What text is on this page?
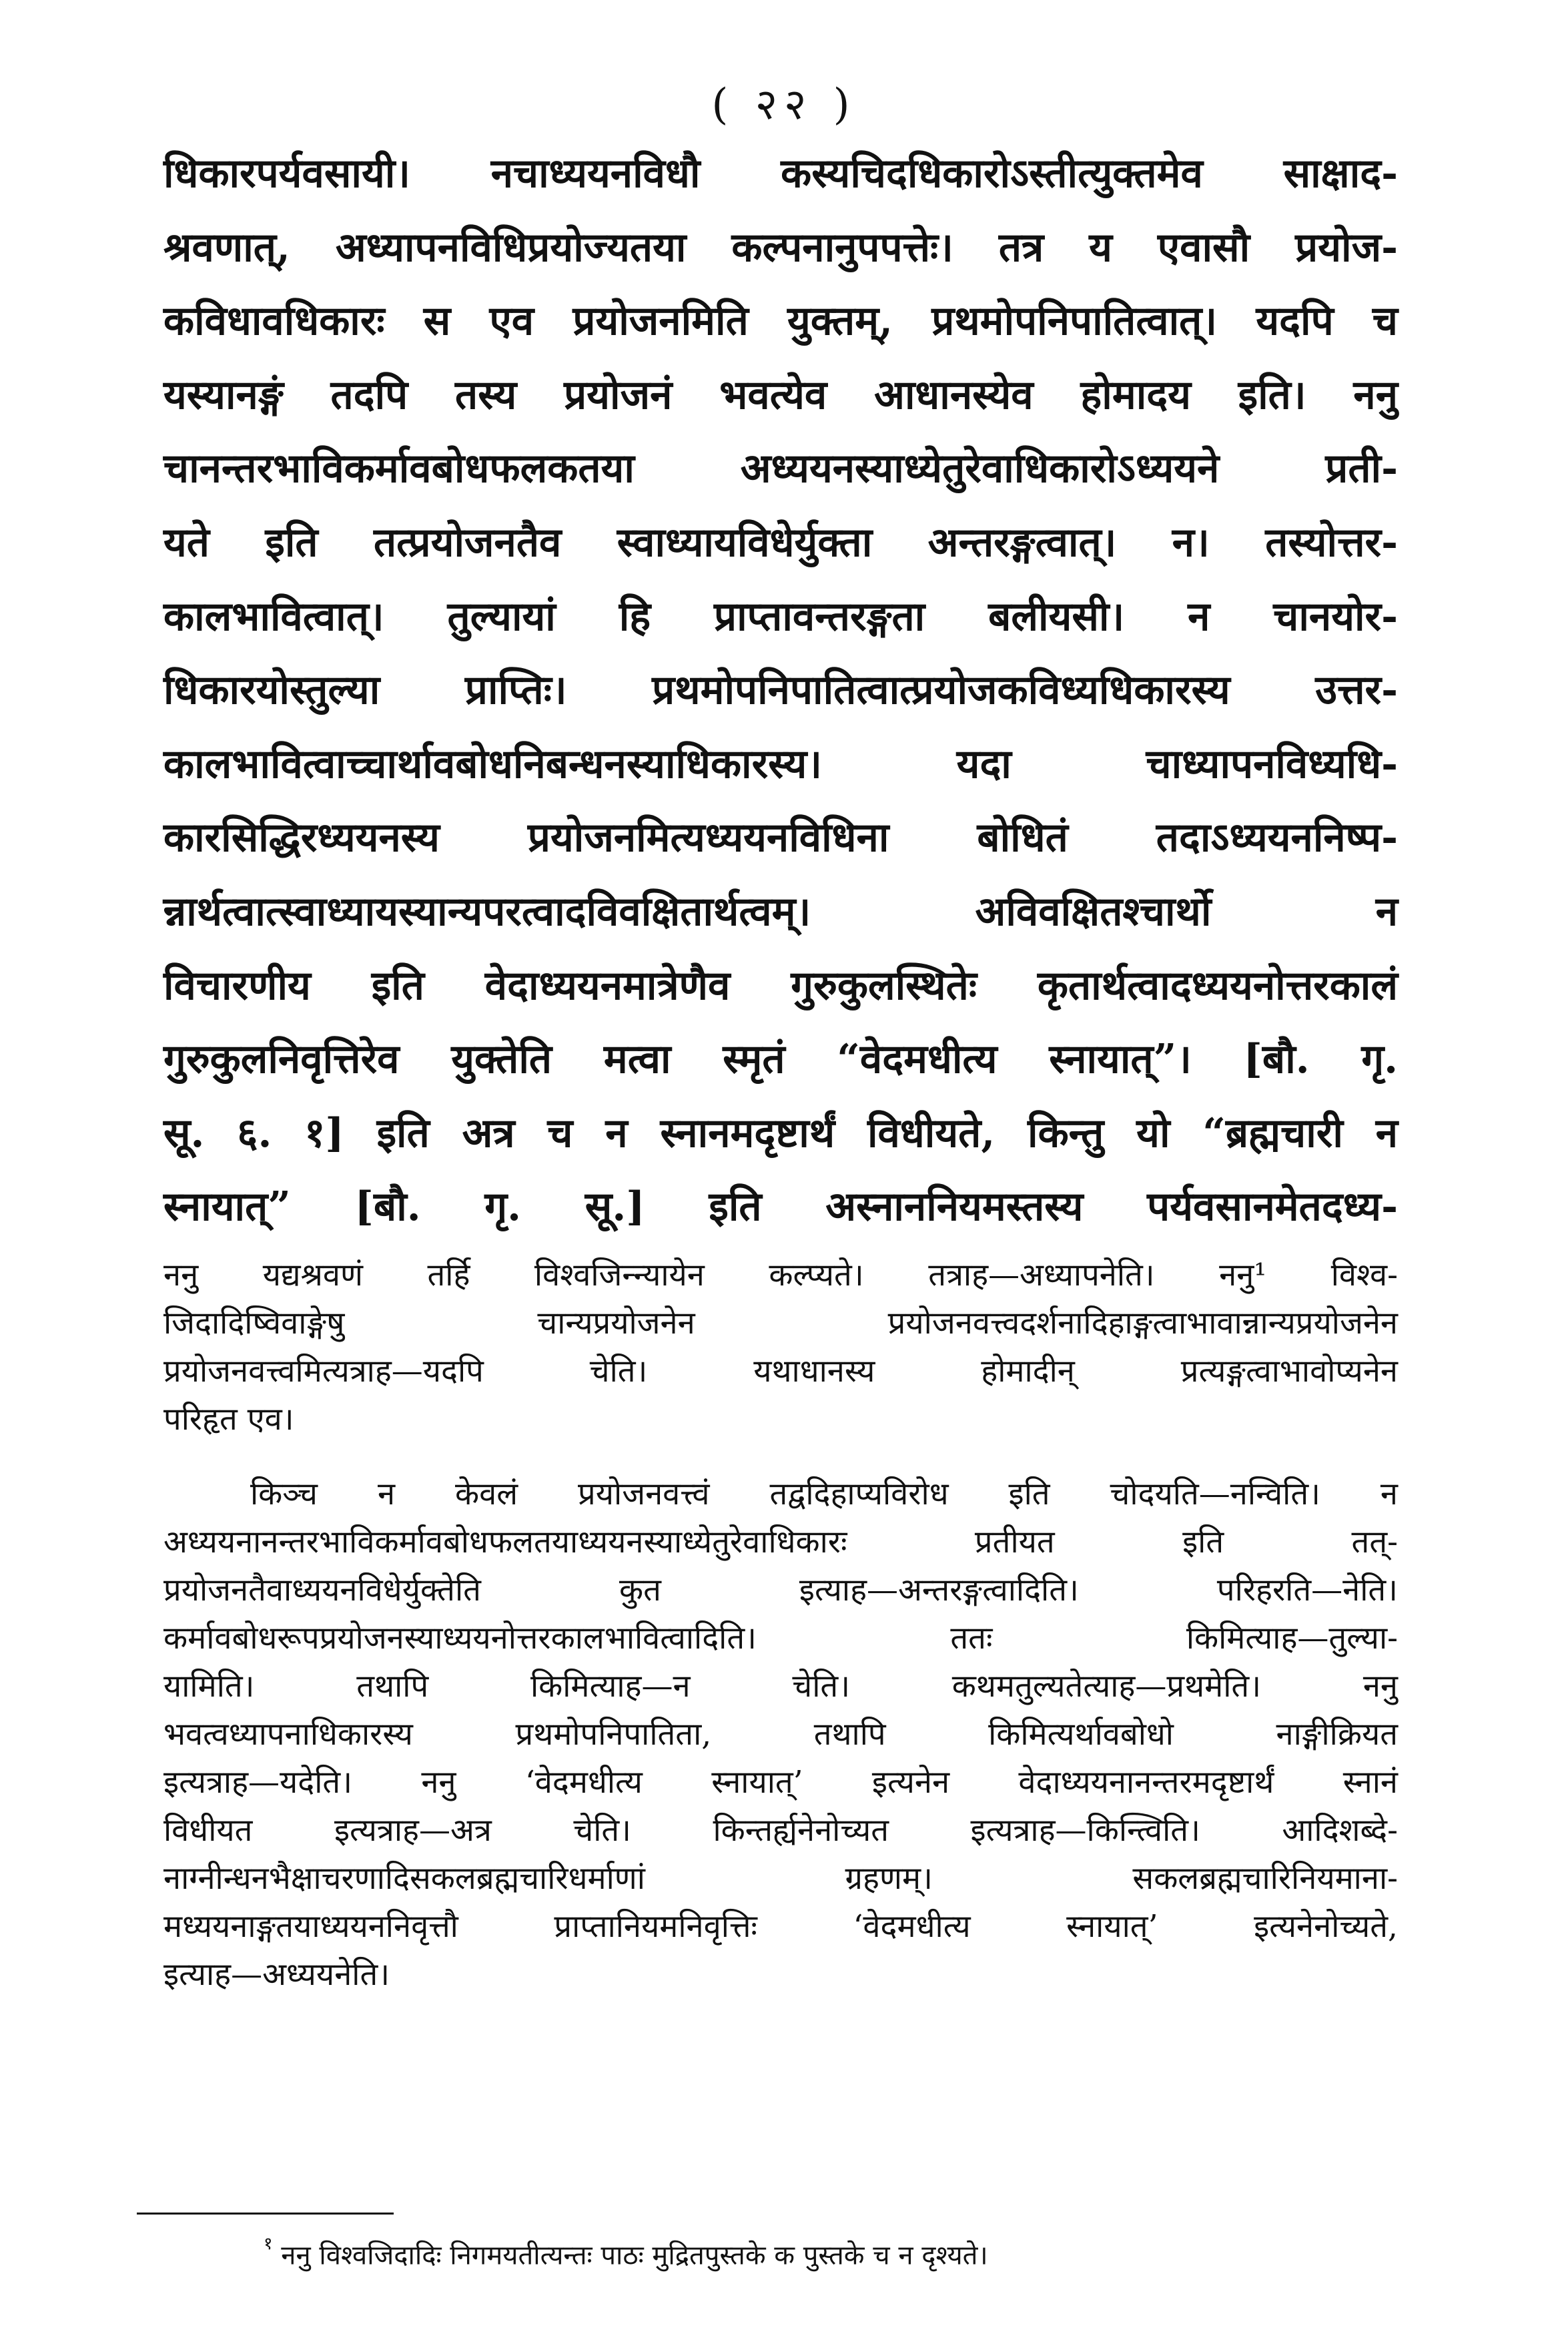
( २२ )

धिकारपर्यवसायी। नचाध्ययनविधौ कस्यचिदधिकारोऽस्तीत्युक्तमेव साक्षाद-

श्रवणात्, अध्यापनविधिप्रयोज्यतया कल्पनानुपपत्तेः। तत्र य एवासौ प्रयोज-

कविधावधिकारः स एव प्रयोजनमिति युक्तम्, प्रथमोपनिपातित्वात्। यदपि च

यस्यानङ्गं तदपि तस्य प्रयोजनं भवत्येव आधानस्येव होमादय इति। ननु

चानन्तरभाविकर्मावबोधफलकतया अध्ययनस्याध्येतुरेवाधिकारोऽध्ययने प्रती-

यते इति तत्प्रयोजनतैव स्वाध्यायविधेर्युक्ता अन्तरङ्गत्वात्। न। तस्योत्तर-

कालभावित्वात्। तुल्यायां हि प्राप्तावन्तरङ्गता बलीयसी। न चानयोर-

धिकारयोस्तुल्या प्राप्तिः। प्रथमोपनिपातित्वात्प्रयोजकविध्यधिकारस्य उत्तर-

कालभावित्वाच्चार्थावबोधनिबन्धनस्याधिकारस्य। यदा चाध्यापनविध्यधि-

कारसिद्धिरध्ययनस्य प्रयोजनमित्यध्ययनविधिना बोधितं तदाऽध्ययननिष्प-

न्नार्थत्वात्स्वाध्यायस्यान्यपरत्वादविवक्षितार्थत्वम्। अविवक्षितश्चार्थो न

विचारणीय इति वेदाध्ययनमात्रेणैव गुरुकुलस्थितेः कृतार्थत्वादध्ययनोत्तरकालं

गुरुकुलनिवृत्तिरेव युक्तेति मत्वा स्मृतं “वेदमधीत्य स्नायात्”। [बौ. गृ.

सू. ६. १] इति अत्र च न स्नानमदृष्टार्थं विधीयते, किन्तु यो “ब्रह्मचारी न

स्नायात्” [बौ. गृ. सू.] इति अस्नाननियमस्तस्य पर्यवसानमेतदध्य-

ननु यद्यश्रवणं तर्हि विश्वजिन्न्यायेन कल्प्यते। तत्राह—अध्यापनेति। ननु¹ विश्व-

जिदादिष्विवाङ्गेषु चान्यप्रयोजनेन प्रयोजनवत्त्वदर्शनादिहाङ्गत्वाभावान्नान्यप्रयोजनेन

प्रयोजनवत्त्वमित्यत्राह—यदपि चेति। यथाधानस्य होमादीन् प्रत्यङ्गत्वाभावोप्यनेन

परिहृत एव।

किञ्च न केवलं प्रयोजनवत्त्वं तद्वदिहाप्यविरोध इति चोदयति—नन्विति। न

अध्ययनानन्तरभाविकर्मावबोधफलतयाध्ययनस्याध्येतुरेवाधिकारः प्रतीयत इति तत्-

प्रयोजनतैवाध्ययनविधेर्युक्तेति कुत इत्याह—अन्तरङ्गत्वादिति। परिहरति—नेति।

कर्मावबोधरूपप्रयोजनस्याध्ययनोत्तरकालभावित्वादिति। ततः किमित्याह—तुल्या-

यामिति। तथापि किमित्याह—न चेति। कथमतुल्यतेत्याह—प्रथमेति। ननु

भवत्वध्यापनाधिकारस्य प्रथमोपनिपातिता, तथापि किमित्यर्थावबोधो नाङ्गीक्रियत

इत्यत्राह—यदेति। ननु ‘वेदमधीत्य स्नायात्’ इत्यनेन वेदाध्ययनानन्तरमदृष्टार्थं स्नानं

विधीयत इत्यत्राह—अत्र चेति। किन्तर्ह्यनेनोच्यत इत्यत्राह—किन्त्विति। आदिशब्दे-

नाग्नीन्धनभैक्षाचरणादिसकलब्रह्मचारिधर्माणां ग्रहणम्। सकलब्रह्मचारिनियमाना-

मध्ययनाङ्गतयाध्ययननिवृत्तौ प्राप्तानियमनिवृत्तिः ‘वेदमधीत्य स्नायात्’ इत्यनेनोच्यते,

इत्याह—अध्ययनेति।

$^१$ ननु विश्वजिदादिः निगमयतीत्यन्तः पाठः मुद्रितपुस्तके क पुस्तके च न दृश्यते।
